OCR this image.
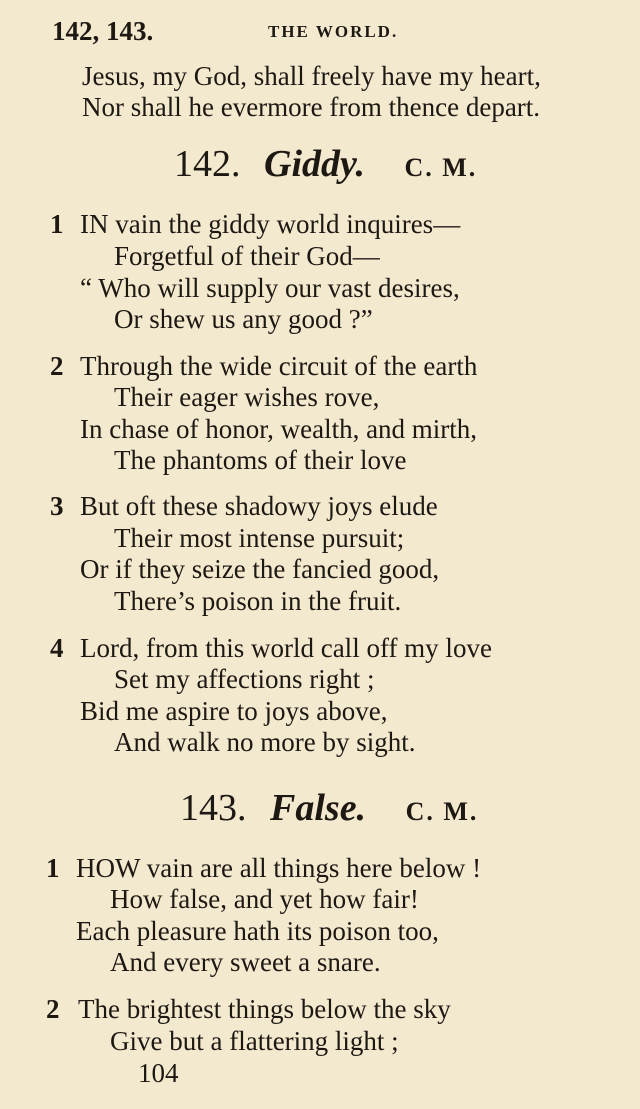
142, 143.	THE WORLD.
Jesus, my God, shall freely have my heart,
Nor shall he evermore from thence depart.
142. Giddy. C. M.
1 IN vain the giddy world inquires—
Forgetful of their God—
“ Who will supply our vast desires,
Or shew us any good ?”
2 Through the wide circuit of the earth
Their eager wishes rove,
In chase of honor, wealth, and mirth,
The phantoms of their love
3 But oft these shadowy joys elude
Their most intense pursuit;
Or if they seize the fancied good,
There’s poison in the fruit.
4 Lord, from this world call off my love
Set my affections right ;
Bid me aspire to joys above,
And walk no more by sight.
143. False. C. M.
1 HOW vain are all things here below !
How false, and yet how fair!
Each pleasure hath its poison too,
And every sweet a snare.
2 The brightest things below the sky
Give but a flattering light ;
104
